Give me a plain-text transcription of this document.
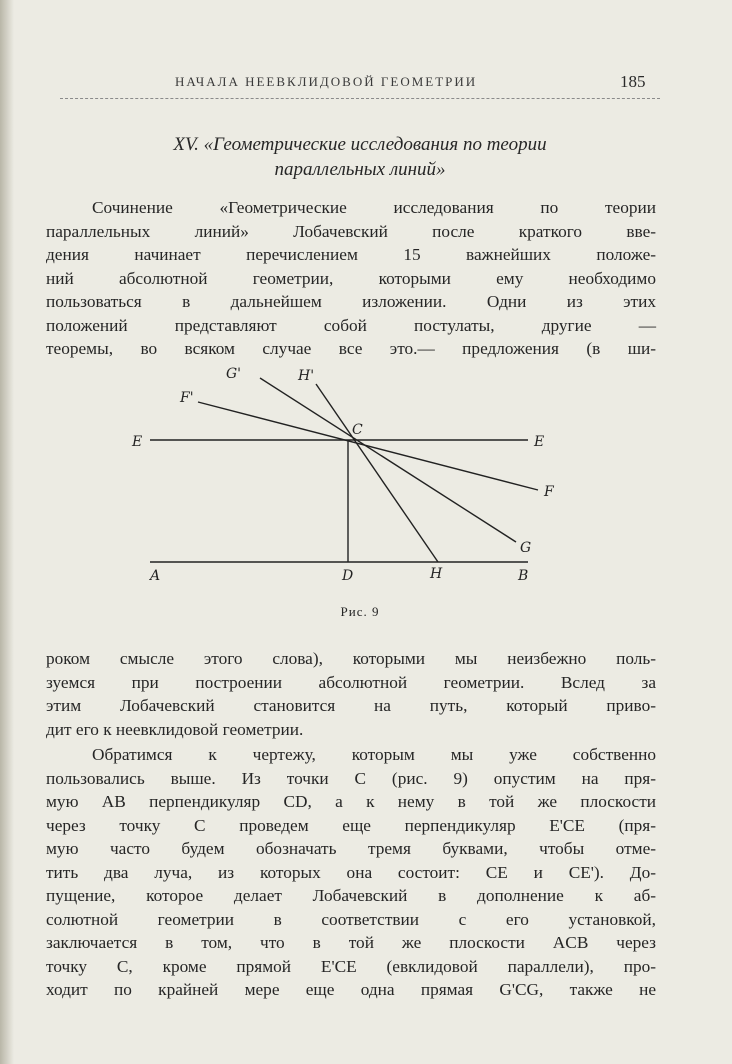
НАЧАЛА НЕЕВКЛИДОВОЙ ГЕОМЕТРИИ	185
XV. «Геометрические исследования по теории
параллельных линий»
Сочинение «Геометрические исследования по теории
параллельных линий» Лобачевский после краткого вве-
дения начинает перечислением 15 важнейших положе-
ний абсолютной геометрии, которыми ему необходимо
пользоваться в дальнейшем изложении. Одни из этих
положений представляют собой постулаты, другие —
теоремы, во всяком случае все это.— предложения (в ши-
G'	H'
F'
E
C
E
F
G
A	D	H	B
Рис. 9
роком смысле этого слова), которыми мы неизбежно поль-
зуемся при построении абсолютной геометрии. Вслед за
этим Лобачевский становится на путь, который приво-
дит его к неевклидовой геометрии.
Обратимся к чертежу, которым мы уже собственно
пользовались выше. Из точки C (рис. 9) опустим на пря-
мую AB перпендикуляр CD, а к нему в той же плоскости
через точку C проведем еще перпендикуляр E'CE (пря-
мую часто будем обозначать тремя буквами, чтобы отме-
тить два луча, из которых она состоит: CE и CE'). До-
пущение, которое делает Лобачевский в дополнение к аб-
солютной геометрии в соответствии с его установкой,
заключается в том, что в той же плоскости ACB через
точку C, кроме прямой E'CE (евклидовой параллели), про-
ходит по крайней мере еще одна прямая G'CG, также не
